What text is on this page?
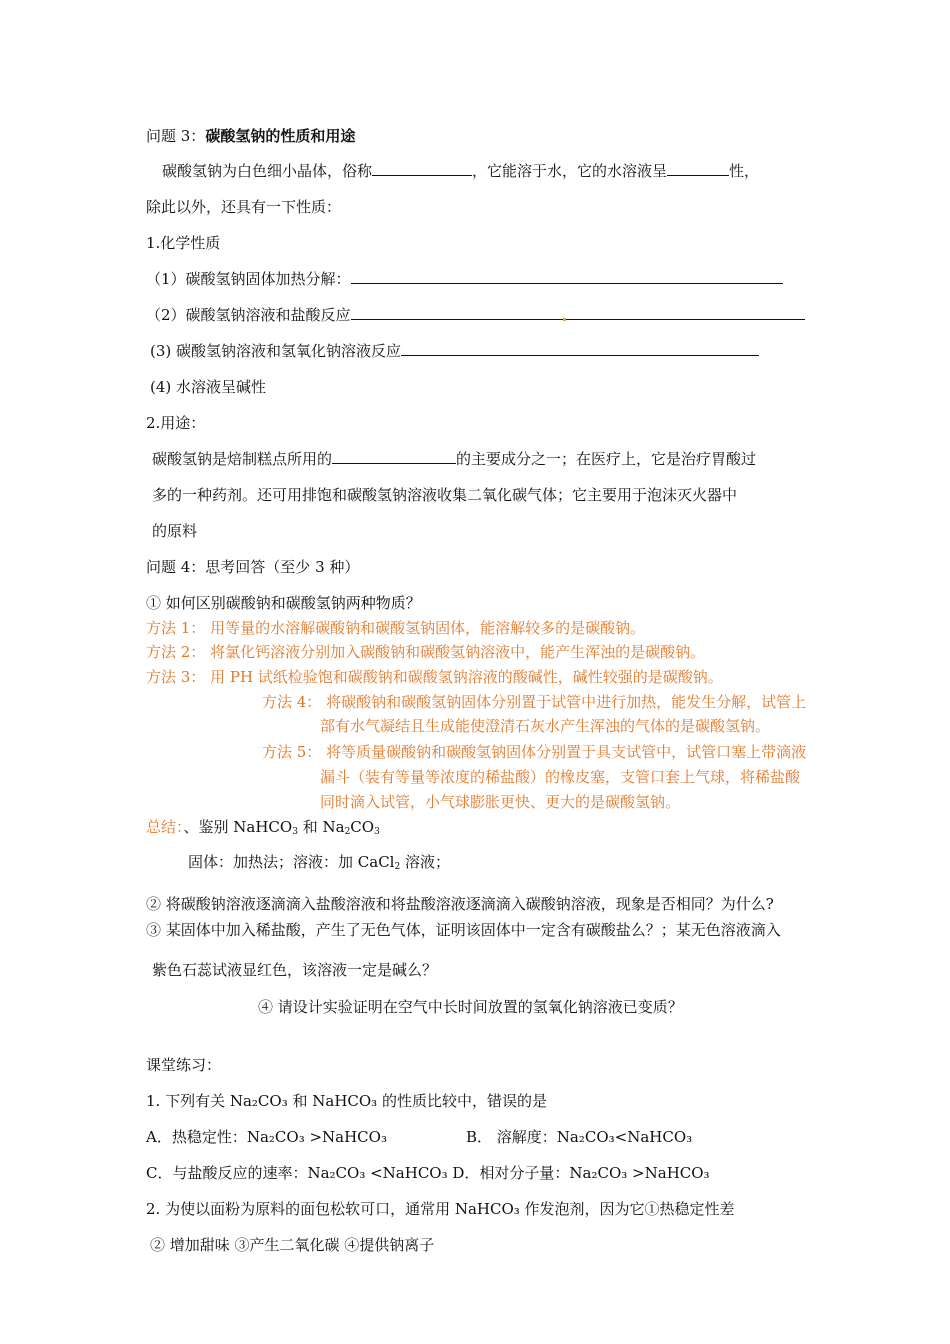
问题 3：碳酸氢钠的性质和用途
碳酸氢钠为白色细小晶体，俗称	，它能溶于水，它的水溶液呈	性，
除此以外，还具有一下性质：
1.化学性质
（1）碳酸氢钠固体加热分解：
（2）碳酸氢钠溶液和盐酸反应
(3) 碳酸氢钠溶液和氢氧化钠溶液反应
(4) 水溶液呈碱性
2.用途：
碳酸氢钠是焙制糕点所用的	的主要成分之一；在医疗上，它是治疗胃酸过
多的一种药剂。还可用排饱和碳酸氢钠溶液收集二氧化碳气体；它主要用于泡沫灭火器中
的原料
问题 4：思考回答（至少 3 种）
① 如何区别碳酸钠和碳酸氢钠两种物质？
方法 1： 用等量的水溶解碳酸钠和碳酸氢钠固体，能溶解较多的是碳酸钠。
方法 2： 将氯化钙溶液分别加入碳酸钠和碳酸氢钠溶液中，能产生浑浊的是碳酸钠。
方法 3： 用 PH 试纸检验饱和碳酸钠和碳酸氢钠溶液的酸碱性，碱性较强的是碳酸钠。
方法 4： 将碳酸钠和碳酸氢钠固体分别置于试管中进行加热，能发生分解，试管上
部有水气凝结且生成能使澄清石灰水产生浑浊的气体的是碳酸氢钠。
方法 5： 将等质量碳酸钠和碳酸氢钠固体分别置于具支试管中，试管口塞上带滴液
漏斗（装有等量等浓度的稀盐酸）的橡皮塞，支管口套上气球，将稀盐酸
同时滴入试管，小气球膨胀更快、更大的是碳酸氢钠。
总结：、鉴别 NaHCO$_3$ 和 $Na_2CO_3$
固体：加热法；溶液：加 CaCl$_2$ 溶液；
② 将碳酸钠溶液逐滴滴入盐酸溶液和将盐酸溶液逐滴滴入碳酸钠溶液，现象是否相同？为什么?
③ 某固体中加入稀盐酸，产生了无色气体，证明该固体中一定含有碳酸盐么？；某无色溶液滴入
紫色石蕊试液显红色，该溶液一定是碱么？
④ 请设计实验证明在空气中长时间放置的氢氧化钠溶液已变质？
课堂练习：
1. 下列有关 Na₂CO₃ 和 NaHCO₃ 的性质比较中，错误的是
A．热稳定性：Na₂CO₃ >NaHCO₃	B． 溶解度：Na₂CO₃<NaHCO₃
C．与盐酸反应的速率：Na₂CO₃ <NaHCO₃ D．相对分子量：Na₂CO₃ >NaHCO₃
2. 为使以面粉为原料的面包松软可口，通常用 NaHCO₃ 作发泡剂，因为它①热稳定性差
② 增加甜味 ③产生二氧化碳 ④提供钠离子
